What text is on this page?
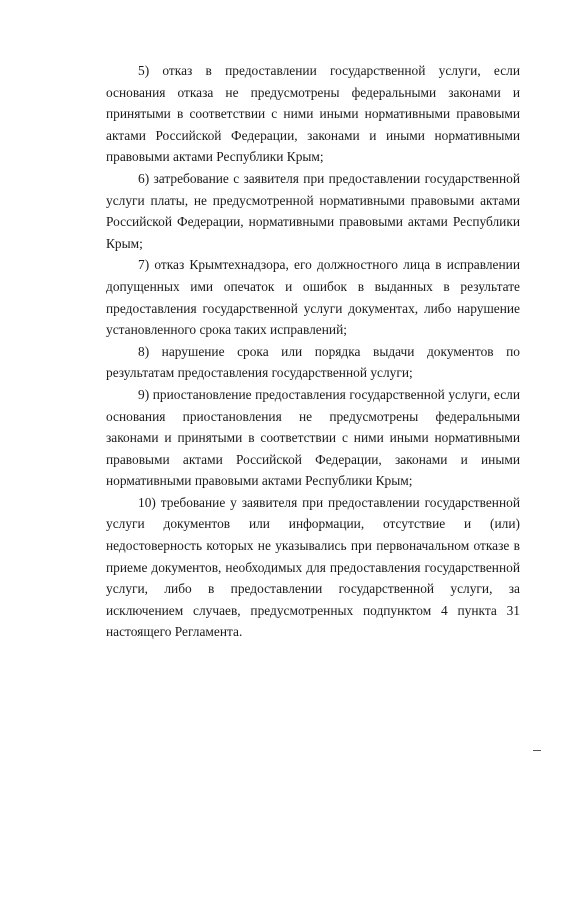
5) отказ в предоставлении государственной услуги, если основания отказа не предусмотрены федеральными законами и принятыми в соответствии с ними иными нормативными правовыми актами Российской Федерации, законами и иными нормативными правовыми актами Республики Крым;

6) затребование с заявителя при предоставлении государственной услуги платы, не предусмотренной нормативными правовыми актами Российской Федерации, нормативными правовыми актами Республики Крым;

7) отказ Крымтехнадзора, его должностного лица в исправлении допущенных ими опечаток и ошибок в выданных в результате предоставления государственной услуги документах, либо нарушение установленного срока таких исправлений;

8) нарушение срока или порядка выдачи документов по результатам предоставления государственной услуги;

9) приостановление предоставления государственной услуги, если основания приостановления не предусмотрены федеральными законами и принятыми в соответствии с ними иными нормативными правовыми актами Российской Федерации, законами и иными нормативными правовыми актами Республики Крым;

10) требование у заявителя при предоставлении государственной услуги документов или информации, отсутствие и (или) недостоверность которых не указывались при первоначальном отказе в приеме документов, необходимых для предоставления государственной услуги, либо в предоставлении государственной услуги, за исключением случаев, предусмотренных подпунктом 4 пункта 31 настоящего Регламента.
